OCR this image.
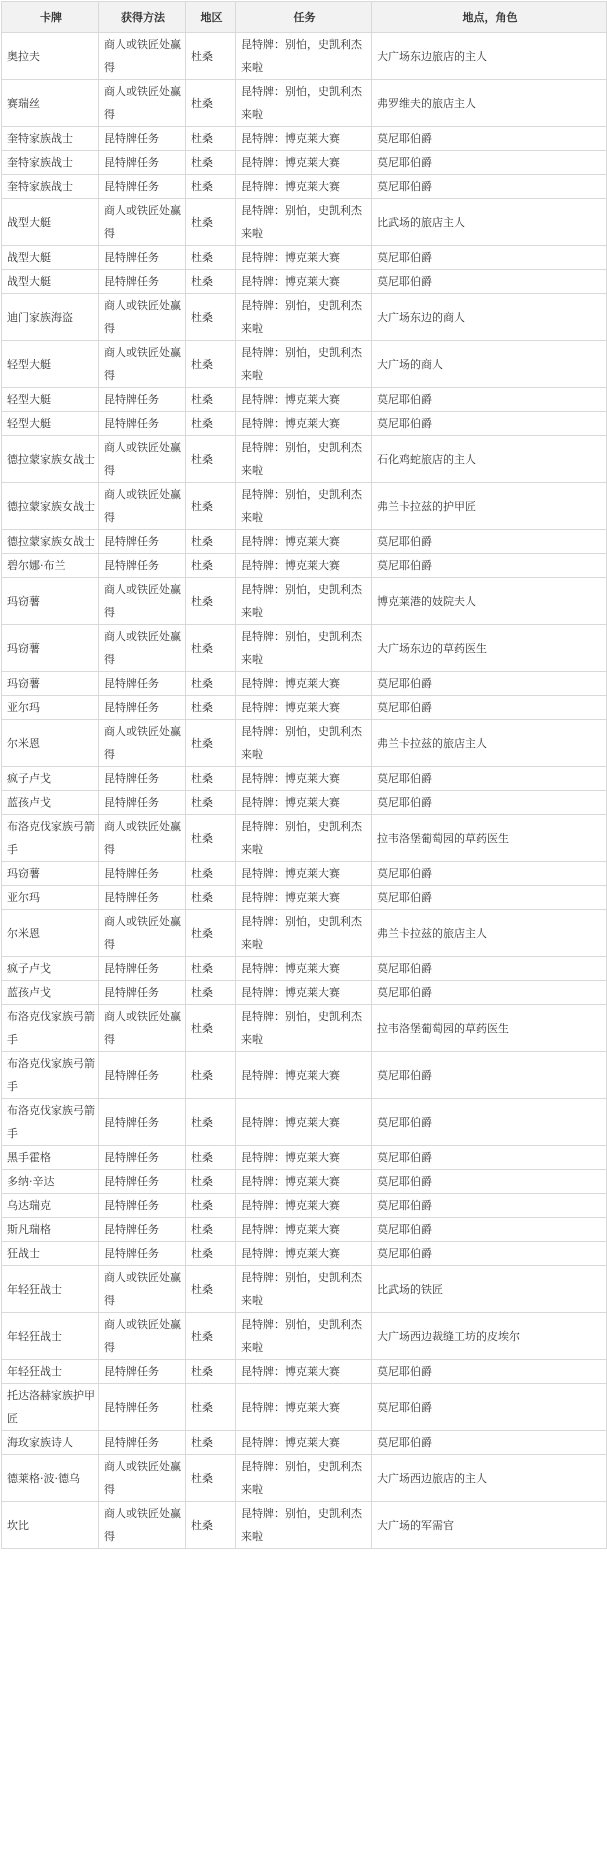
卡牌	获得方法	地区	任务	地点，角色
奥拉夫	商人或铁匠处赢得	杜桑	昆特牌：别怕，史凯利杰来啦	大广场东边旅店的主人
赛瑞丝	商人或铁匠处赢得	杜桑	昆特牌：别怕，史凯利杰来啦	弗罗维夫的旅店主人
奎特家族战士	昆特牌任务	杜桑	昆特牌：博克莱大赛	莫尼耶伯爵
奎特家族战士	昆特牌任务	杜桑	昆特牌：博克莱大赛	莫尼耶伯爵
奎特家族战士	昆特牌任务	杜桑	昆特牌：博克莱大赛	莫尼耶伯爵
战型大艇	商人或铁匠处赢得	杜桑	昆特牌：别怕，史凯利杰来啦	比武场的旅店主人
战型大艇	昆特牌任务	杜桑	昆特牌：博克莱大赛	莫尼耶伯爵
战型大艇	昆特牌任务	杜桑	昆特牌：博克莱大赛	莫尼耶伯爵
迪门家族海盗	商人或铁匠处赢得	杜桑	昆特牌：别怕，史凯利杰来啦	大广场东边的商人
轻型大艇	商人或铁匠处赢得	杜桑	昆特牌：别怕，史凯利杰来啦	大广场的商人
轻型大艇	昆特牌任务	杜桑	昆特牌：博克莱大赛	莫尼耶伯爵
轻型大艇	昆特牌任务	杜桑	昆特牌：博克莱大赛	莫尼耶伯爵
德拉蒙家族女战士	商人或铁匠处赢得	杜桑	昆特牌：别怕，史凯利杰来啦	石化鸡蛇旅店的主人
德拉蒙家族女战士	商人或铁匠处赢得	杜桑	昆特牌：别怕，史凯利杰来啦	弗兰卡拉兹的护甲匠
德拉蒙家族女战士	昆特牌任务	杜桑	昆特牌：博克莱大赛	莫尼耶伯爵
碧尔娜·布兰	昆特牌任务	杜桑	昆特牌：博克莱大赛	莫尼耶伯爵
玛窃薯	商人或铁匠处赢得	杜桑	昆特牌：别怕，史凯利杰来啦	博克莱港的妓院夫人
玛窃薯	商人或铁匠处赢得	杜桑	昆特牌：别怕，史凯利杰来啦	大广场东边的草药医生
玛窃薯	昆特牌任务	杜桑	昆特牌：博克莱大赛	莫尼耶伯爵
亚尔玛	昆特牌任务	杜桑	昆特牌：博克莱大赛	莫尼耶伯爵
尔米恩	商人或铁匠处赢得	杜桑	昆特牌：别怕，史凯利杰来啦	弗兰卡拉兹的旅店主人
疯子卢戈	昆特牌任务	杜桑	昆特牌：博克莱大赛	莫尼耶伯爵
蓝孩卢戈	昆特牌任务	杜桑	昆特牌：博克莱大赛	莫尼耶伯爵
布洛克伐家族弓箭手	商人或铁匠处赢得	杜桑	昆特牌：别怕，史凯利杰来啦	拉韦洛堡葡萄园的草药医生
玛窃薯	昆特牌任务	杜桑	昆特牌：博克莱大赛	莫尼耶伯爵
亚尔玛	昆特牌任务	杜桑	昆特牌：博克莱大赛	莫尼耶伯爵
尔米恩	商人或铁匠处赢得	杜桑	昆特牌：别怕，史凯利杰来啦	弗兰卡拉兹的旅店主人
疯子卢戈	昆特牌任务	杜桑	昆特牌：博克莱大赛	莫尼耶伯爵
蓝孩卢戈	昆特牌任务	杜桑	昆特牌：博克莱大赛	莫尼耶伯爵
布洛克伐家族弓箭手	商人或铁匠处赢得	杜桑	昆特牌：别怕，史凯利杰来啦	拉韦洛堡葡萄园的草药医生
布洛克伐家族弓箭手	昆特牌任务	杜桑	昆特牌：博克莱大赛	莫尼耶伯爵
布洛克伐家族弓箭手	昆特牌任务	杜桑	昆特牌：博克莱大赛	莫尼耶伯爵
黑手霍格	昆特牌任务	杜桑	昆特牌：博克莱大赛	莫尼耶伯爵
多纳·辛达	昆特牌任务	杜桑	昆特牌：博克莱大赛	莫尼耶伯爵
乌达瑞克	昆特牌任务	杜桑	昆特牌：博克莱大赛	莫尼耶伯爵
斯凡瑞格	昆特牌任务	杜桑	昆特牌：博克莱大赛	莫尼耶伯爵
狂战士	昆特牌任务	杜桑	昆特牌：博克莱大赛	莫尼耶伯爵
年轻狂战士	商人或铁匠处赢得	杜桑	昆特牌：别怕，史凯利杰来啦	比武场的铁匠
年轻狂战士	商人或铁匠处赢得	杜桑	昆特牌：别怕，史凯利杰来啦	大广场西边裁缝工坊的皮埃尔
年轻狂战士	昆特牌任务	杜桑	昆特牌：博克莱大赛	莫尼耶伯爵
托达洛赫家族护甲匠	昆特牌任务	杜桑	昆特牌：博克莱大赛	莫尼耶伯爵
海玫家族诗人	昆特牌任务	杜桑	昆特牌：博克莱大赛	莫尼耶伯爵
德莱格·波·德乌	商人或铁匠处赢得	杜桑	昆特牌：别怕，史凯利杰来啦	大广场西边旅店的主人
坎比	商人或铁匠处赢得	杜桑	昆特牌：别怕，史凯利杰来啦	大广场的军需官
